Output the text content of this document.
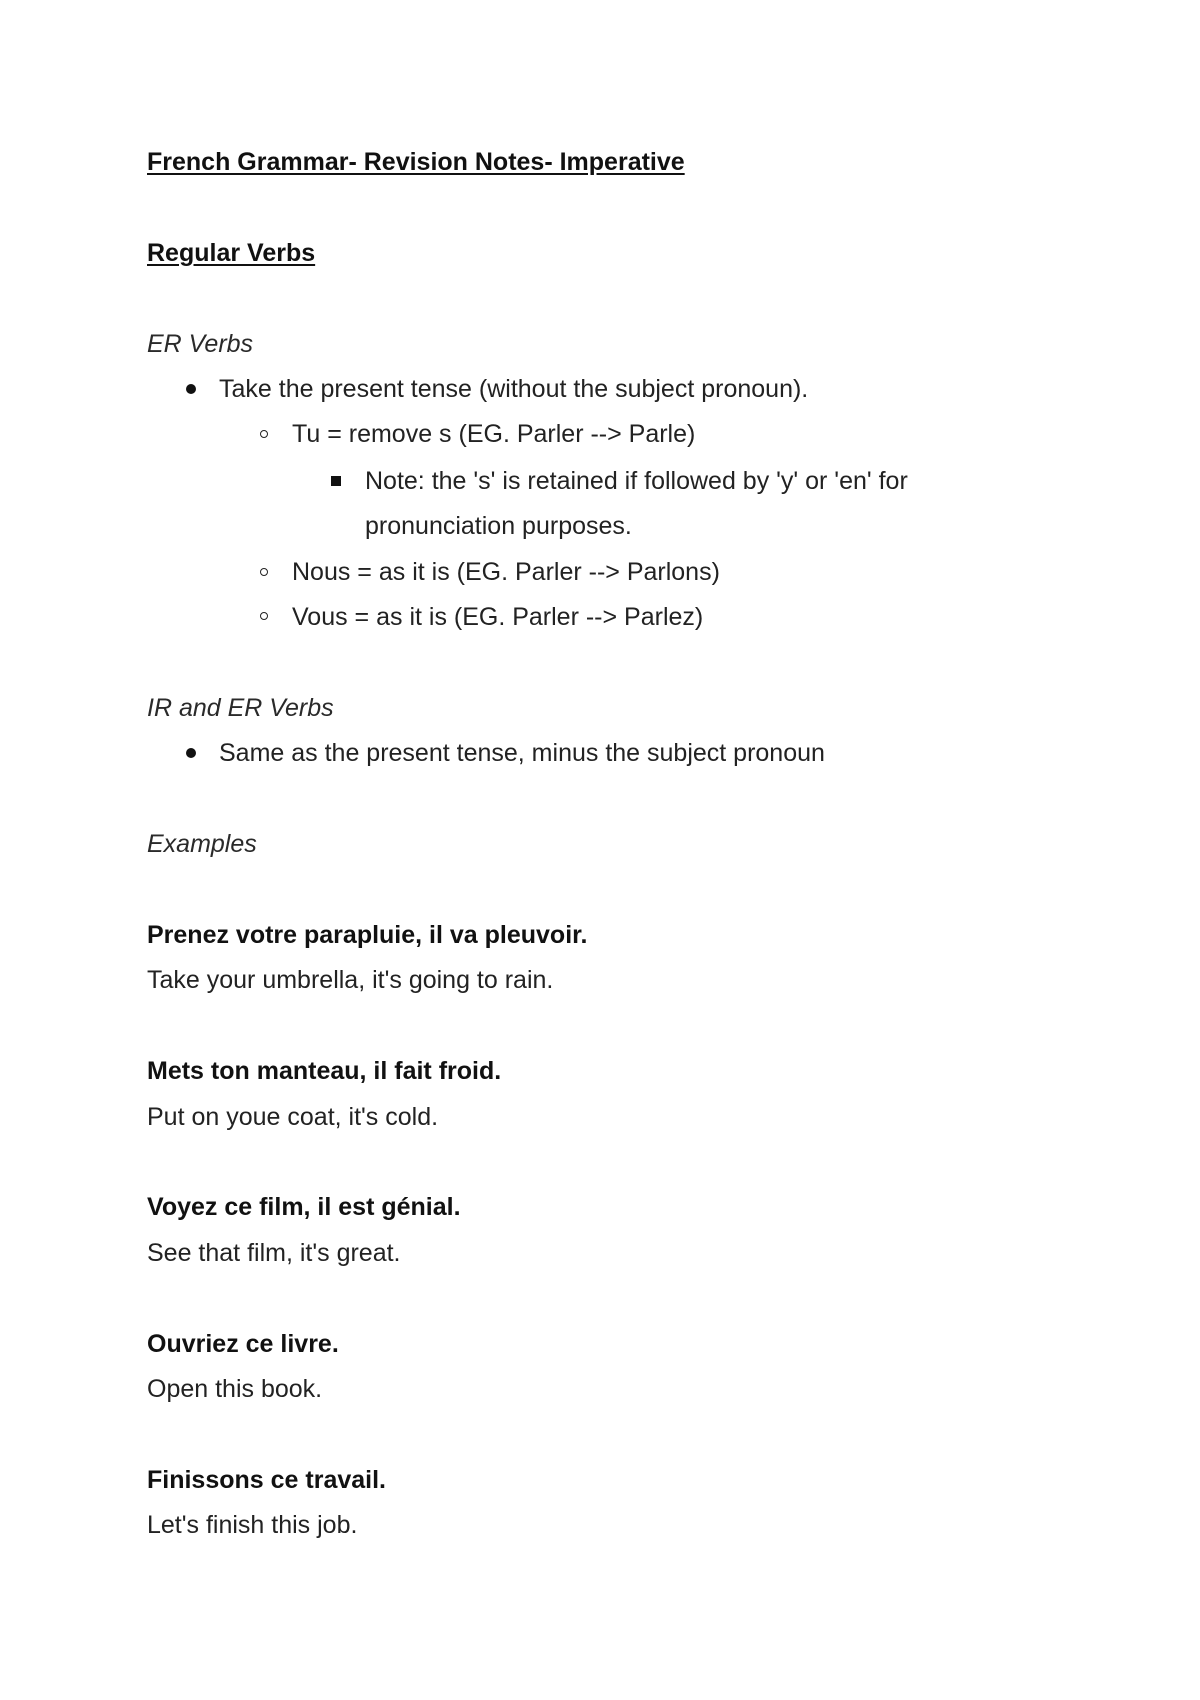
French Grammar- Revision Notes- Imperative
Regular Verbs
ER Verbs
Take the present tense (without the subject pronoun).
Tu = remove s (EG. Parler --> Parle)
Note: the 's' is retained if followed by 'y' or 'en' for
pronunciation purposes.
Nous = as it is (EG. Parler --> Parlons)
Vous = as it is (EG. Parler --> Parlez)
IR and ER Verbs
Same as the present tense, minus the subject pronoun
Examples
Prenez votre parapluie, il va pleuvoir.
Take your umbrella, it's going to rain.
Mets ton manteau, il fait froid.
Put on youe coat, it's cold.
Voyez ce film, il est génial.
See that film, it's great.
Ouvriez ce livre.
Open this book.
Finissons ce travail.
Let's finish this job.
